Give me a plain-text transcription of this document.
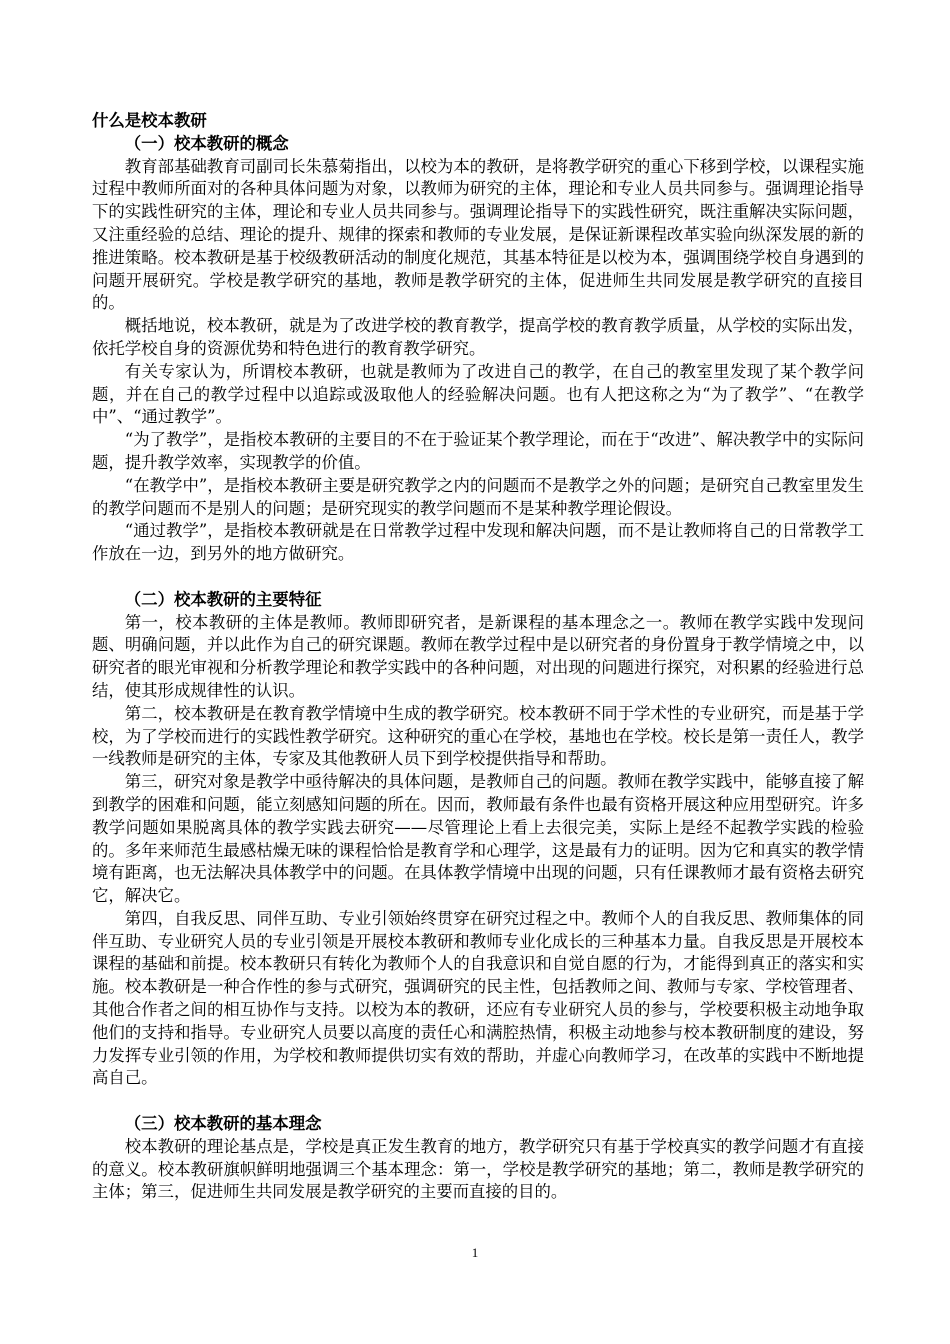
什么是校本教研

（一）校本教研的概念

教育部基础教育司副司长朱慕菊指出，以校为本的教研，是将教学研究的重心下移到学校，以课程实施过程中教师所面对的各种具体问题为对象，以教师为研究的主体，理论和专业人员共同参与。强调理论指导下的实践性研究的主体，理论和专业人员共同参与。强调理论指导下的实践性研究，既注重解决实际问题，又注重经验的总结、理论的提升、规律的探索和教师的专业发展，是保证新课程改革实验向纵深发展的新的推进策略。校本教研是基于校级教研活动的制度化规范，其基本特征是以校为本，强调围绕学校自身遇到的问题开展研究。学校是教学研究的基地，教师是教学研究的主体，促进师生共同发展是教学研究的直接目的。

概括地说，校本教研，就是为了改进学校的教育教学，提高学校的教育教学质量，从学校的实际出发，依托学校自身的资源优势和特色进行的教育教学研究。

有关专家认为，所谓校本教研，也就是教师为了改进自己的教学，在自己的教室里发现了某个教学问题，并在自己的教学过程中以追踪或汲取他人的经验解决问题。也有人把这称之为“为了教学”、“在教学中”、“通过教学”。

“为了教学”，是指校本教研的主要目的不在于验证某个教学理论，而在于“改进”、解决教学中的实际问题，提升教学效率，实现教学的价值。

“在教学中”，是指校本教研主要是研究教学之内的问题而不是教学之外的问题；是研究自己教室里发生的教学问题而不是别人的问题；是研究现实的教学问题而不是某种教学理论假设。

“通过教学”，是指校本教研就是在日常教学过程中发现和解决问题，而不是让教师将自己的日常教学工作放在一边，到另外的地方做研究。

（二）校本教研的主要特征

第一，校本教研的主体是教师。教师即研究者，是新课程的基本理念之一。教师在教学实践中发现问题、明确问题，并以此作为自己的研究课题。教师在教学过程中是以研究者的身份置身于教学情境之中，以研究者的眼光审视和分析教学理论和教学实践中的各种问题，对出现的问题进行探究，对积累的经验进行总结，使其形成规律性的认识。

第二，校本教研是在教育教学情境中生成的教学研究。校本教研不同于学术性的专业研究，而是基于学校，为了学校而进行的实践性教学研究。这种研究的重心在学校，基地也在学校。校长是第一责任人，教学一线教师是研究的主体，专家及其他教研人员下到学校提供指导和帮助。

第三，研究对象是教学中亟待解决的具体问题，是教师自己的问题。教师在教学实践中，能够直接了解到教学的困难和问题，能立刻感知问题的所在。因而，教师最有条件也最有资格开展这种应用型研究。许多教学问题如果脱离具体的教学实践去研究——尽管理论上看上去很完美，实际上是经不起教学实践的检验的。多年来师范生最感枯燥无味的课程恰恰是教育学和心理学，这是最有力的证明。因为它和真实的教学情境有距离，也无法解决具体教学中的问题。在具体教学情境中出现的问题，只有任课教师才最有资格去研究它，解决它。

第四，自我反思、同伴互助、专业引领始终贯穿在研究过程之中。教师个人的自我反思、教师集体的同伴互助、专业研究人员的专业引领是开展校本教研和教师专业化成长的三种基本力量。自我反思是开展校本课程的基础和前提。校本教研只有转化为教师个人的自我意识和自觉自愿的行为，才能得到真正的落实和实施。校本教研是一种合作性的参与式研究，强调研究的民主性，包括教师之间、教师与专家、学校管理者、其他合作者之间的相互协作与支持。以校为本的教研，还应有专业研究人员的参与，学校要积极主动地争取他们的支持和指导。专业研究人员要以高度的责任心和满腔热情，积极主动地参与校本教研制度的建设，努力发挥专业引领的作用，为学校和教师提供切实有效的帮助，并虚心向教师学习，在改革的实践中不断地提高自己。

（三）校本教研的基本理念

校本教研的理论基点是，学校是真正发生教育的地方，教学研究只有基于学校真实的教学问题才有直接的意义。校本教研旗帜鲜明地强调三个基本理念：第一，学校是教学研究的基地；第二，教师是教学研究的主体；第三，促进师生共同发展是教学研究的主要而直接的目的。

1
